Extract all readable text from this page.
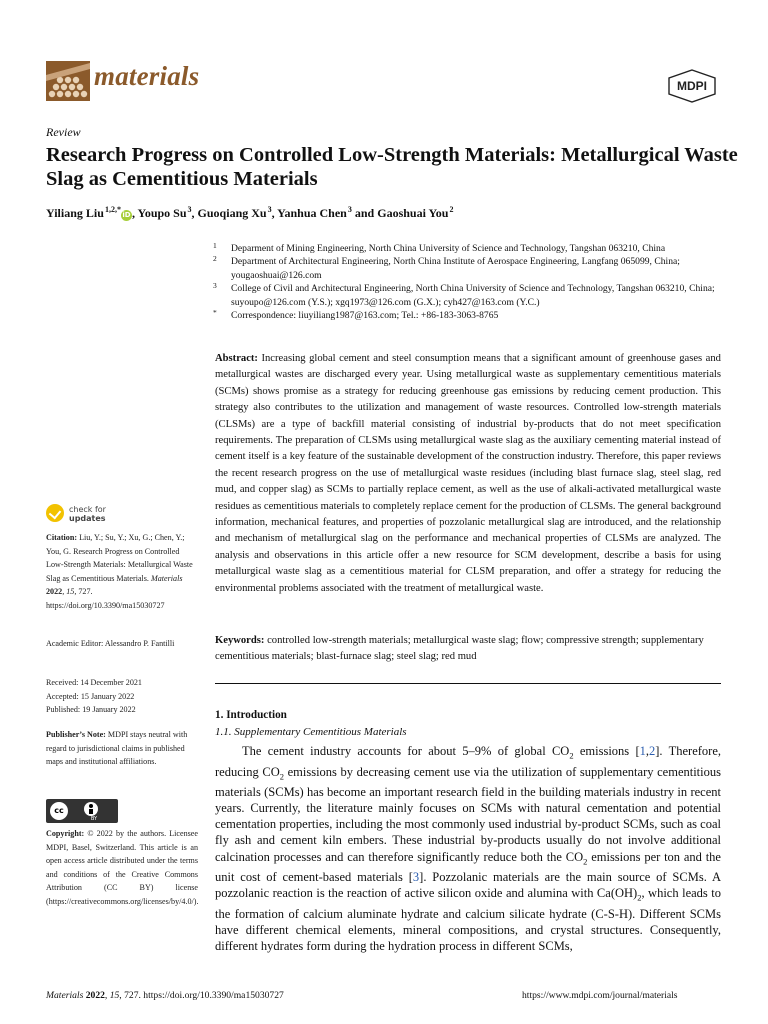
materials	MDPI
Review
Research Progress on Controlled Low-Strength Materials: Metallurgical Waste Slag as Cementitious Materials
Yiliang Liu $^{1,2,*}$iD, Youpo Su $^3$, Guoqiang Xu $^3$, Yanhua Chen $^3$ and Gaoshuai You $^2$
1 Deparment of Mining Engineering, North China University of Science and Technology, Tangshan 063210, China
2 Department of Architectural Engineering, North China Institute of Aerospace Engineering, Langfang 065099, China; yougaoshuai@126.com
3 College of Civil and Architectural Engineering, North China University of Science and Technology, Tangshan 063210, China; suyoupo@126.com (Y.S.); xgq1973@126.com (G.X.); cyh427@163.com (Y.C.)
* Correspondence: liuyiliang1987@163.com; Tel.: +86-183-3063-8765
Abstract: Increasing global cement and steel consumption means that a significant amount of greenhouse gases and metallurgical wastes are discharged every year. Using metallurgical waste as supplementary cementitious materials (SCMs) shows promise as a strategy for reducing greenhouse gas emissions by reducing cement production. This strategy also contributes to the utilization and management of waste resources. Controlled low-strength materials (CLSMs) are a type of backfill material consisting of industrial by-products that do not meet specification requirements. The preparation of CLSMs using metallurgical waste slag as the auxiliary cementing material instead of cement itself is a key feature of the sustainable development of the construction industry. Therefore, this paper reviews the recent research progress on the use of metallurgical waste residues (including blast furnace slag, steel slag, red mud, and copper slag) as SCMs to partially replace cement, as well as the use of alkali-activated metallurgical waste residues as cementitious materials to completely replace cement for the production of CLSMs. The general background information, mechanical features, and properties of pozzolanic metallurgical slag are introduced, and the relationship and mechanism of metallurgical slag on the performance and mechanical properties of CLSMs are analyzed. The analysis and observations in this article offer a new resource for SCM development, describe a basis for using metallurgical waste slag as a cementitious material for CLSM preparation, and offer a strategy for reducing the environmental problems associated with the treatment of metallurgical waste.
Keywords: controlled low-strength materials; metallurgical waste slag; flow; compressive strength; supplementary cementitious materials; blast-furnace slag; steel slag; red mud
check for
updates

Citation: Liu, Y.; Su, Y.; Xu, G.; Chen, Y.; You, G. Research Progress on Controlled Low-Strength Materials: Metallurgical Waste Slag as Cementitious Materials. Materials 2022, 15, 727. https://doi.org/10.3390/ma15030727

Academic Editor: Alessandro P. Fantilli

Received: 14 December 2021

Accepted: 15 January 2022

Published: 19 January 2022

Publisher’s Note: MDPI stays neutral with regard to jurisdictional claims in published maps and institutional affiliations.

cc
BY

Copyright: © 2022 by the authors. Licensee MDPI, Basel, Switzerland. This article is an open access article distributed under the terms and conditions of the Creative Commons Attribution (CC BY) license (https://creativecommons.org/licenses/by/4.0/).

1. Introduction
1.1. Supplementary Cementitious Materials
The cement industry accounts for about 5–9% of global $CO_2$ emissions [1,2]. Therefore, reducing $CO_2$ emissions by decreasing cement use via the utilization of supplementary cementitious materials (SCMs) has become an important research field in the building materials industry in recent years. Currently, the literature mainly focuses on SCMs with natural cementation and potential cementation properties, including the most commonly used industrial by-product SCMs, such as coal fly ash and cement kiln embers. These industrial by-products usually do not involve additional calcination processes and can therefore significantly reduce both the $CO_2$ emissions per ton and the unit cost of cement-based materials [3]. Pozzolanic materials are the main source of SCMs. A pozzolanic reaction is the reaction of active silicon oxide and alumina with $Ca(OH)_2$, which leads to the formation of calcium aluminate hydrate and calcium silicate hydrate (C-S-H). Different SCMs have different chemical elements, mineral compositions, and crystal structures. Consequently, different hydrates form during the hydration process in different SCMs,
Materials 2022, 15, 727. https://doi.org/10.3390/ma15030727	https://www.mdpi.com/journal/materials
